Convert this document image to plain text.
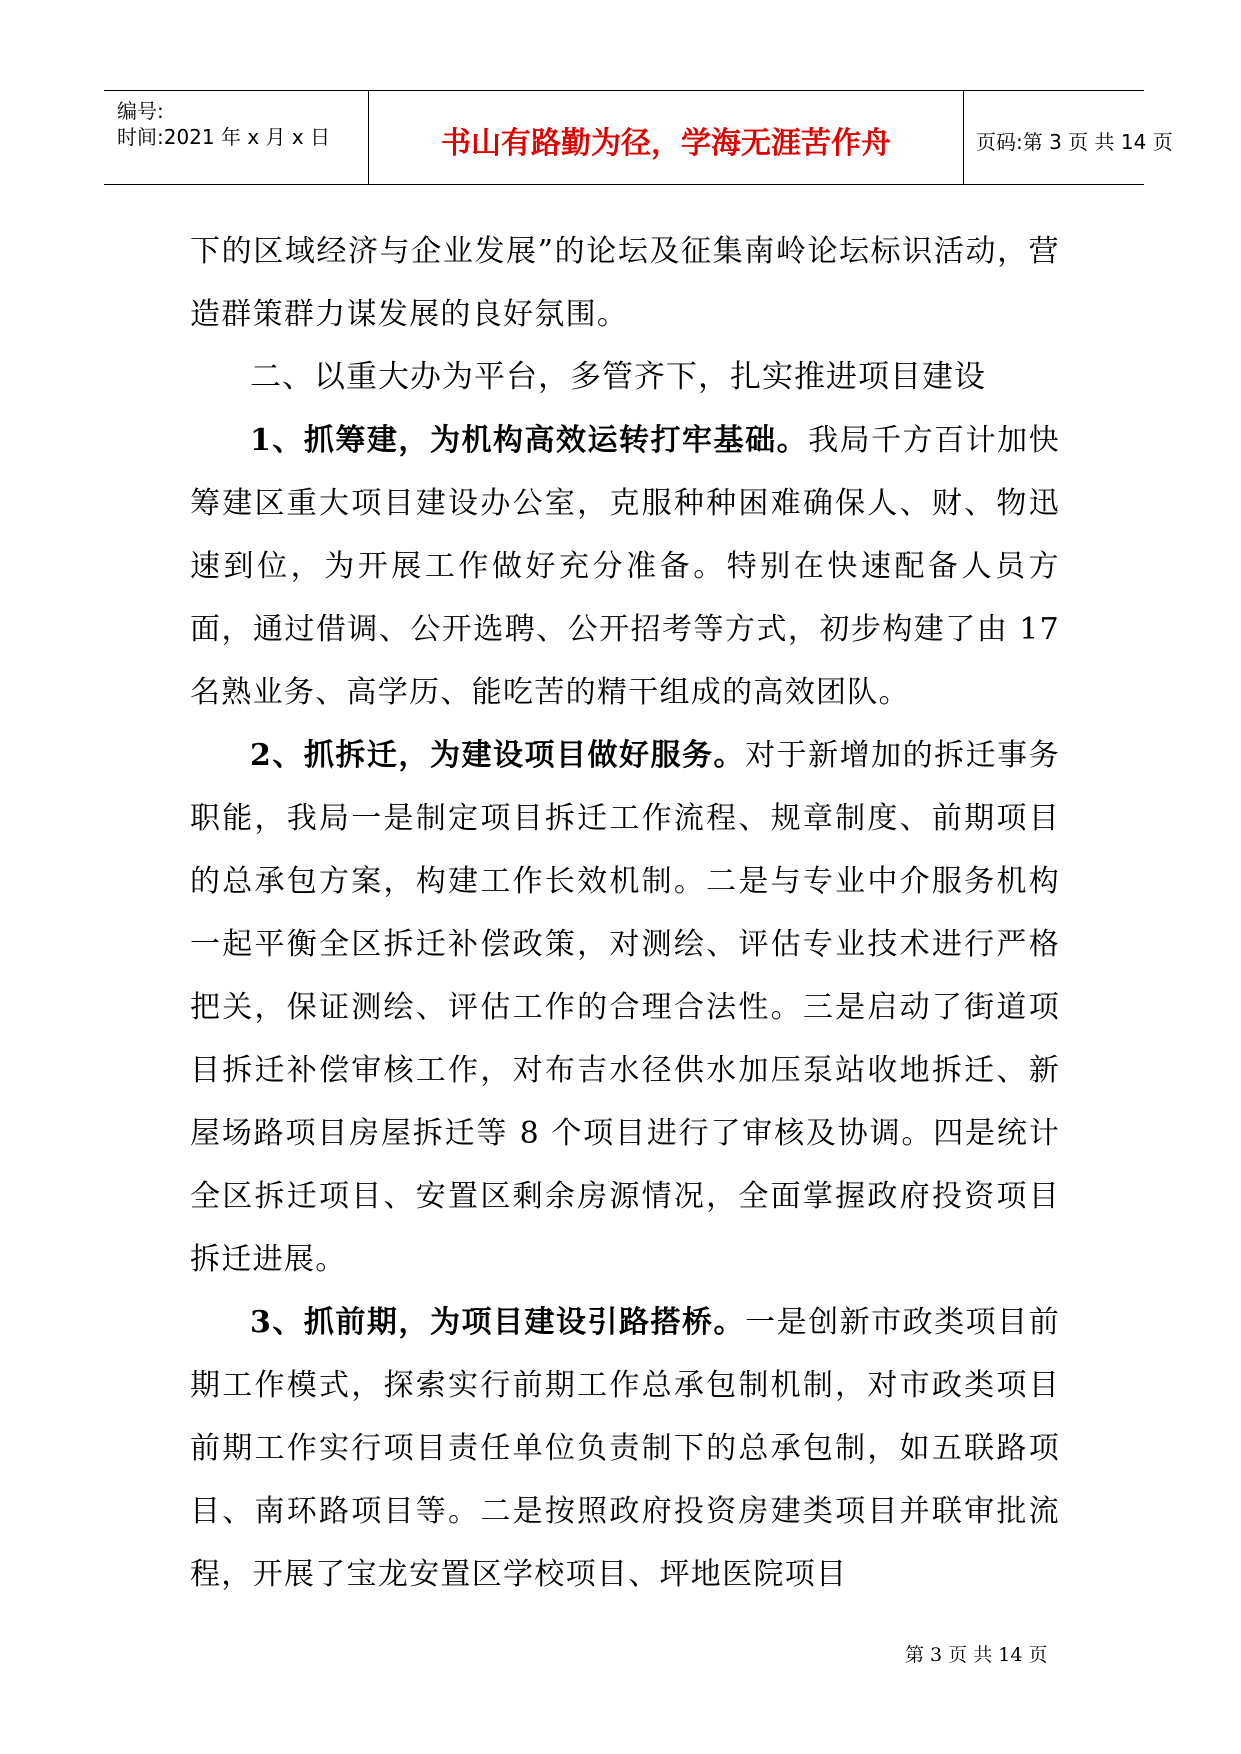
编号:
时间:2021 年 x 月 x 日	书山有路勤为径，学海无涯苦作舟	页码:第 3 页 共 14 页

下的区域经济与企业发展”的论坛及征集南岭论坛标识活动，营造群策群力谋发展的良好氛围。

二、以重大办为平台，多管齐下，扎实推进项目建设

1、抓筹建，为机构高效运转打牢基础。我局千方百计加快筹建区重大项目建设办公室，克服种种困难确保人、财、物迅速到位，为开展工作做好充分准备。特别在快速配备人员方面，通过借调、公开选聘、公开招考等方式，初步构建了由 17 名熟业务、高学历、能吃苦的精干组成的高效团队。

2、抓拆迁，为建设项目做好服务。对于新增加的拆迁事务职能，我局一是制定项目拆迁工作流程、规章制度、前期项目的总承包方案，构建工作长效机制。二是与专业中介服务机构一起平衡全区拆迁补偿政策，对测绘、评估专业技术进行严格把关，保证测绘、评估工作的合理合法性。三是启动了街道项目拆迁补偿审核工作，对布吉水径供水加压泵站收地拆迁、新屋场路项目房屋拆迁等 8 个项目进行了审核及协调。四是统计全区拆迁项目、安置区剩余房源情况，全面掌握政府投资项目拆迁进展。

3、抓前期，为项目建设引路搭桥。一是创新市政类项目前期工作模式，探索实行前期工作总承包制机制，对市政类项目前期工作实行项目责任单位负责制下的总承包制，如五联路项目、南环路项目等。二是按照政府投资房建类项目并联审批流程，开展了宝龙安置区学校项目、坪地医院项目

第 3 页 共 14 页
